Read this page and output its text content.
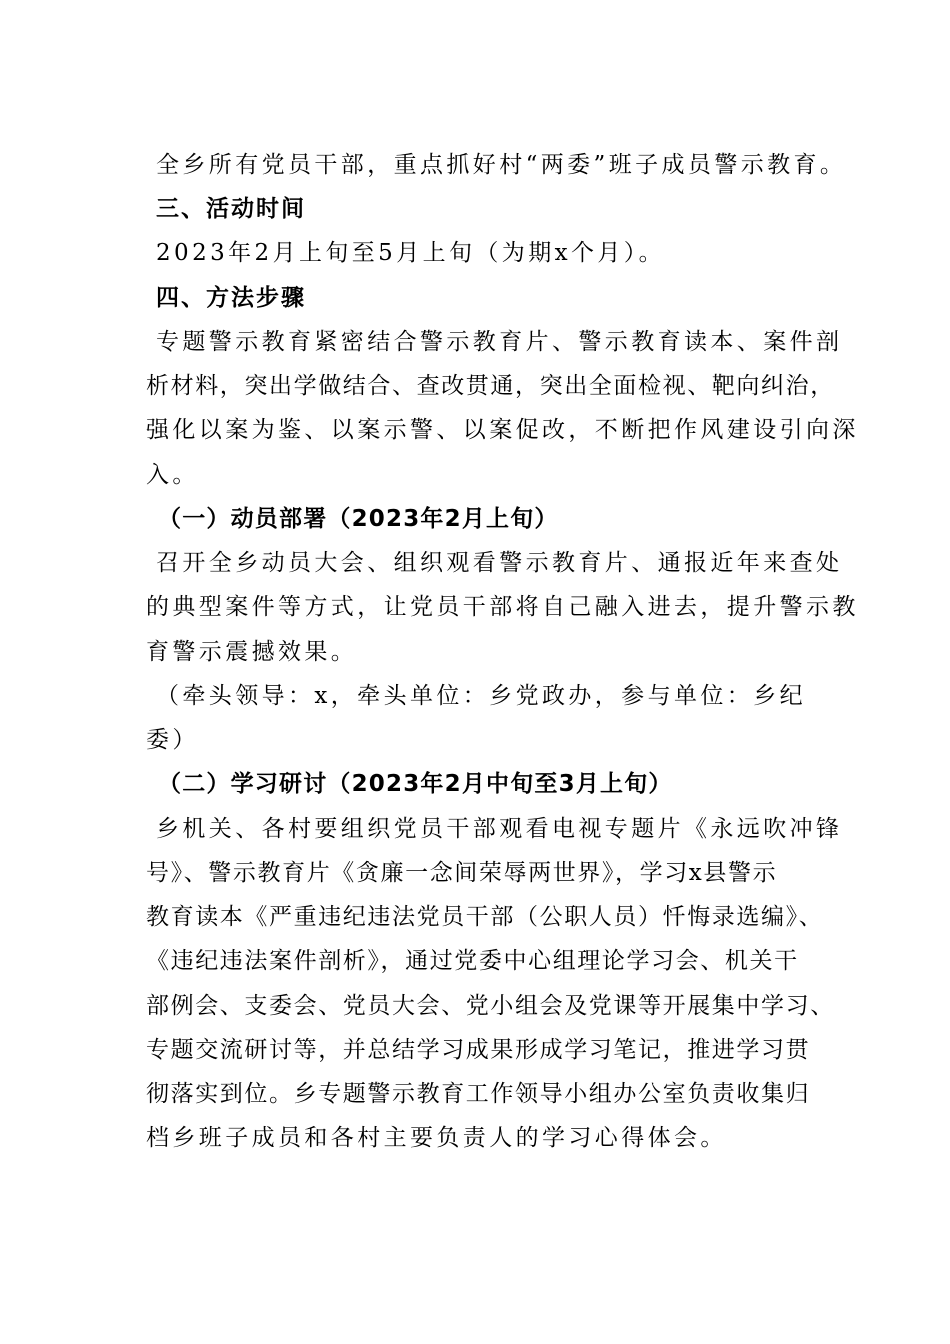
全乡所有党员干部，重点抓好村“两委”班子成员警示教育。
三、活动时间
2023年2月上旬至5月上旬（为期x个月）。
四、方法步骤
专题警示教育紧密结合警示教育片、警示教育读本、案件剖
析材料，突出学做结合、查改贯通，突出全面检视、靶向纠治，
强化以案为鉴、以案示警、以案促改，不断把作风建设引向深
入。
（一）动员部署（2023年2月上旬）
召开全乡动员大会、组织观看警示教育片、通报近年来查处
的典型案件等方式，让党员干部将自己融入进去，提升警示教
育警示震撼效果。
（牵头领导：x，牵头单位：乡党政办，参与单位：乡纪
委）
（二）学习研讨（2023年2月中旬至3月上旬）
乡机关、各村要组织党员干部观看电视专题片《永远吹冲锋
号》、警示教育片《贪廉一念间荣辱两世界》，学习x县警示
教育读本《严重违纪违法党员干部（公职人员）忏悔录选编》、
《违纪违法案件剖析》，通过党委中心组理论学习会、机关干
部例会、支委会、党员大会、党小组会及党课等开展集中学习、
专题交流研讨等，并总结学习成果形成学习笔记，推进学习贯
彻落实到位。乡专题警示教育工作领导小组办公室负责收集归
档乡班子成员和各村主要负责人的学习心得体会。
